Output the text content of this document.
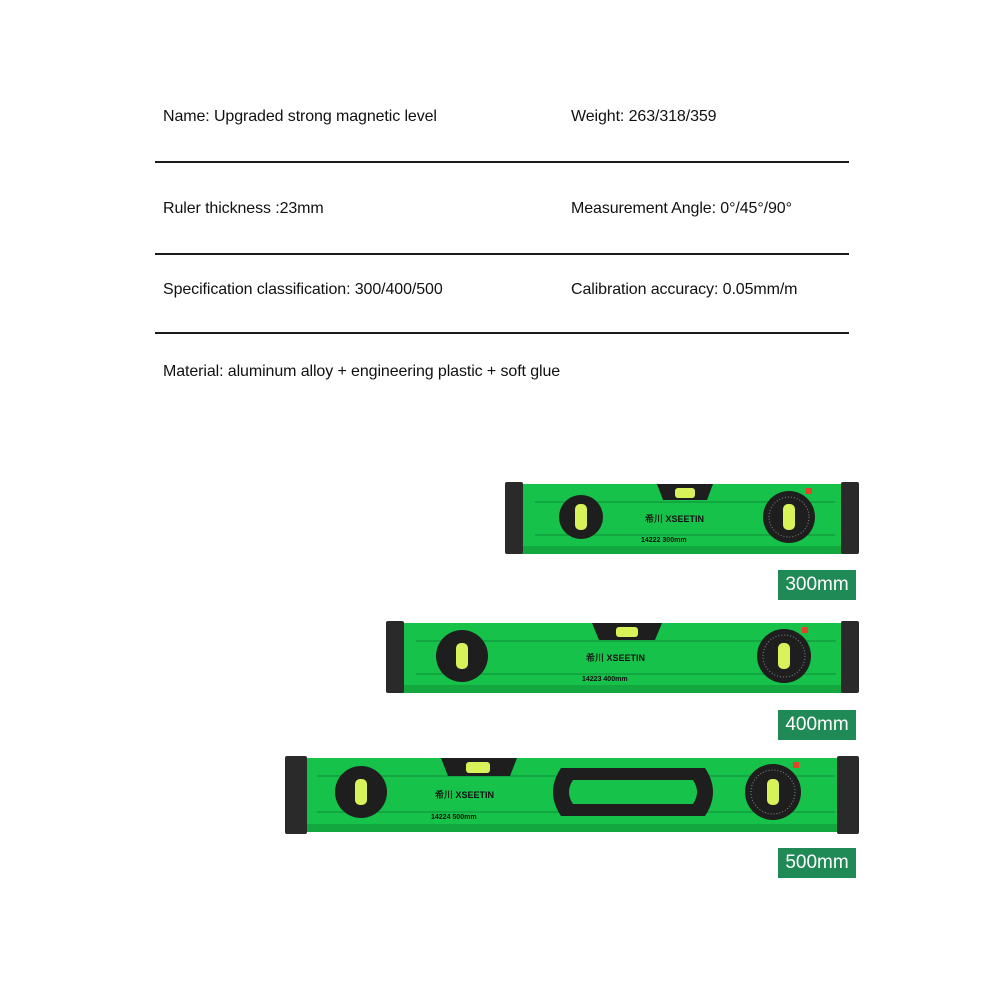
Name: Upgraded strong magnetic level	Weight: 263/318/359
Ruler thickness :23mm	Measurement Angle: 0°/45°/90°
Specification classification: 300/400/500	Calibration accuracy: 0.05mm/m
Material: aluminum alloy + engineering plastic + soft glue
希川 XSEETIN
14222 300mm
300mm
希川 XSEETIN
14223 400mm
400mm
希川 XSEETIN
14224 500mm
500mm
